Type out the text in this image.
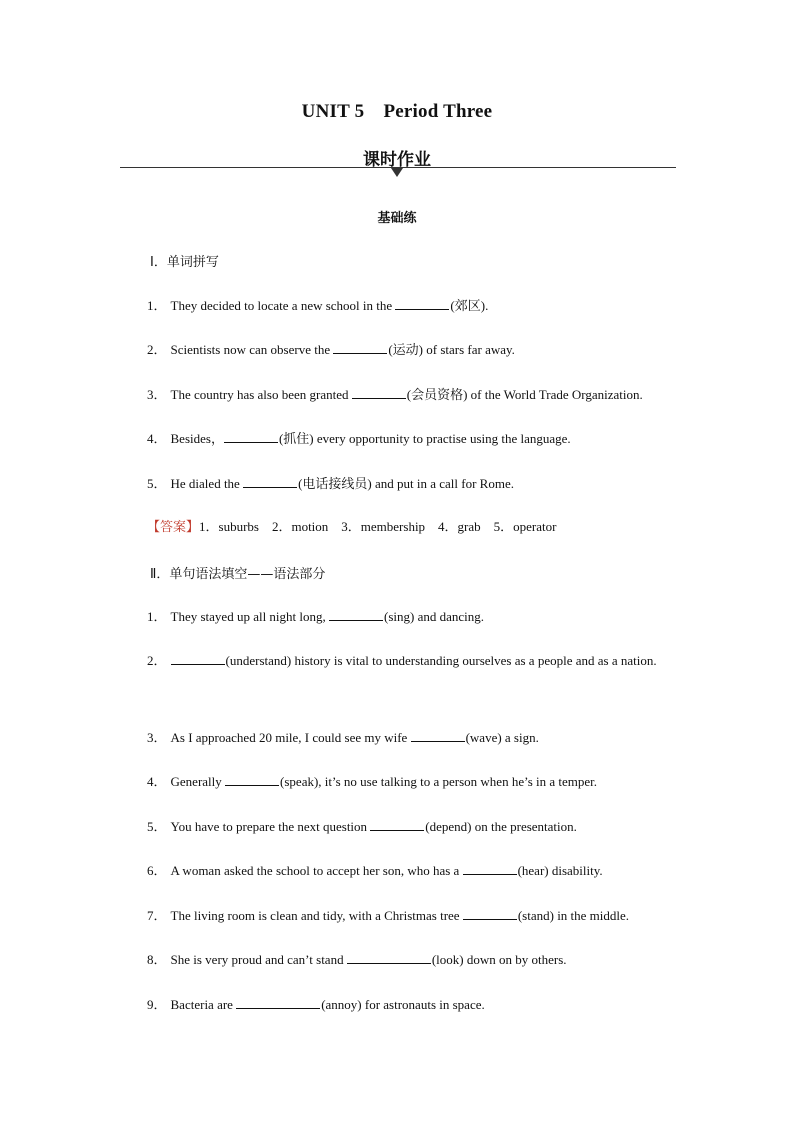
UNIT 5　Period Three
课时作业
基础练
Ⅰ．单词拼写
1． They decided to locate a new school in the	(郊区).
2． Scientists now can observe the	(运动) of stars far away.
3． The country has also been granted	(会员资格) of the World Trade Organization.
4． Besides，	(抓住) every opportunity to practise using the language.
5． He dialed the	(电话接线员) and put in a call for Rome.
【答案】1．suburbs 2．motion 3．membership 4．grab 5．operator
Ⅱ．单句语法填空——语法部分
1． They stayed up all night long,	(sing) and dancing.
2．	(understand) history is vital to understanding ourselves as a people and as a nation.
3． As I approached 20 mile, I could see my wife	(wave) a sign.
4． Generally	(speak), it’s no use talking to a person when he’s in a temper.
5． You have to prepare the next question	(depend) on the presentation.
6． A woman asked the school to accept her son, who has a	(hear) disability.
7． The living room is clean and tidy, with a Christmas tree	(stand) in the middle.
8． She is very proud and can’t stand	(look) down on by others.
9． Bacteria are	(annoy) for astronauts in space.
